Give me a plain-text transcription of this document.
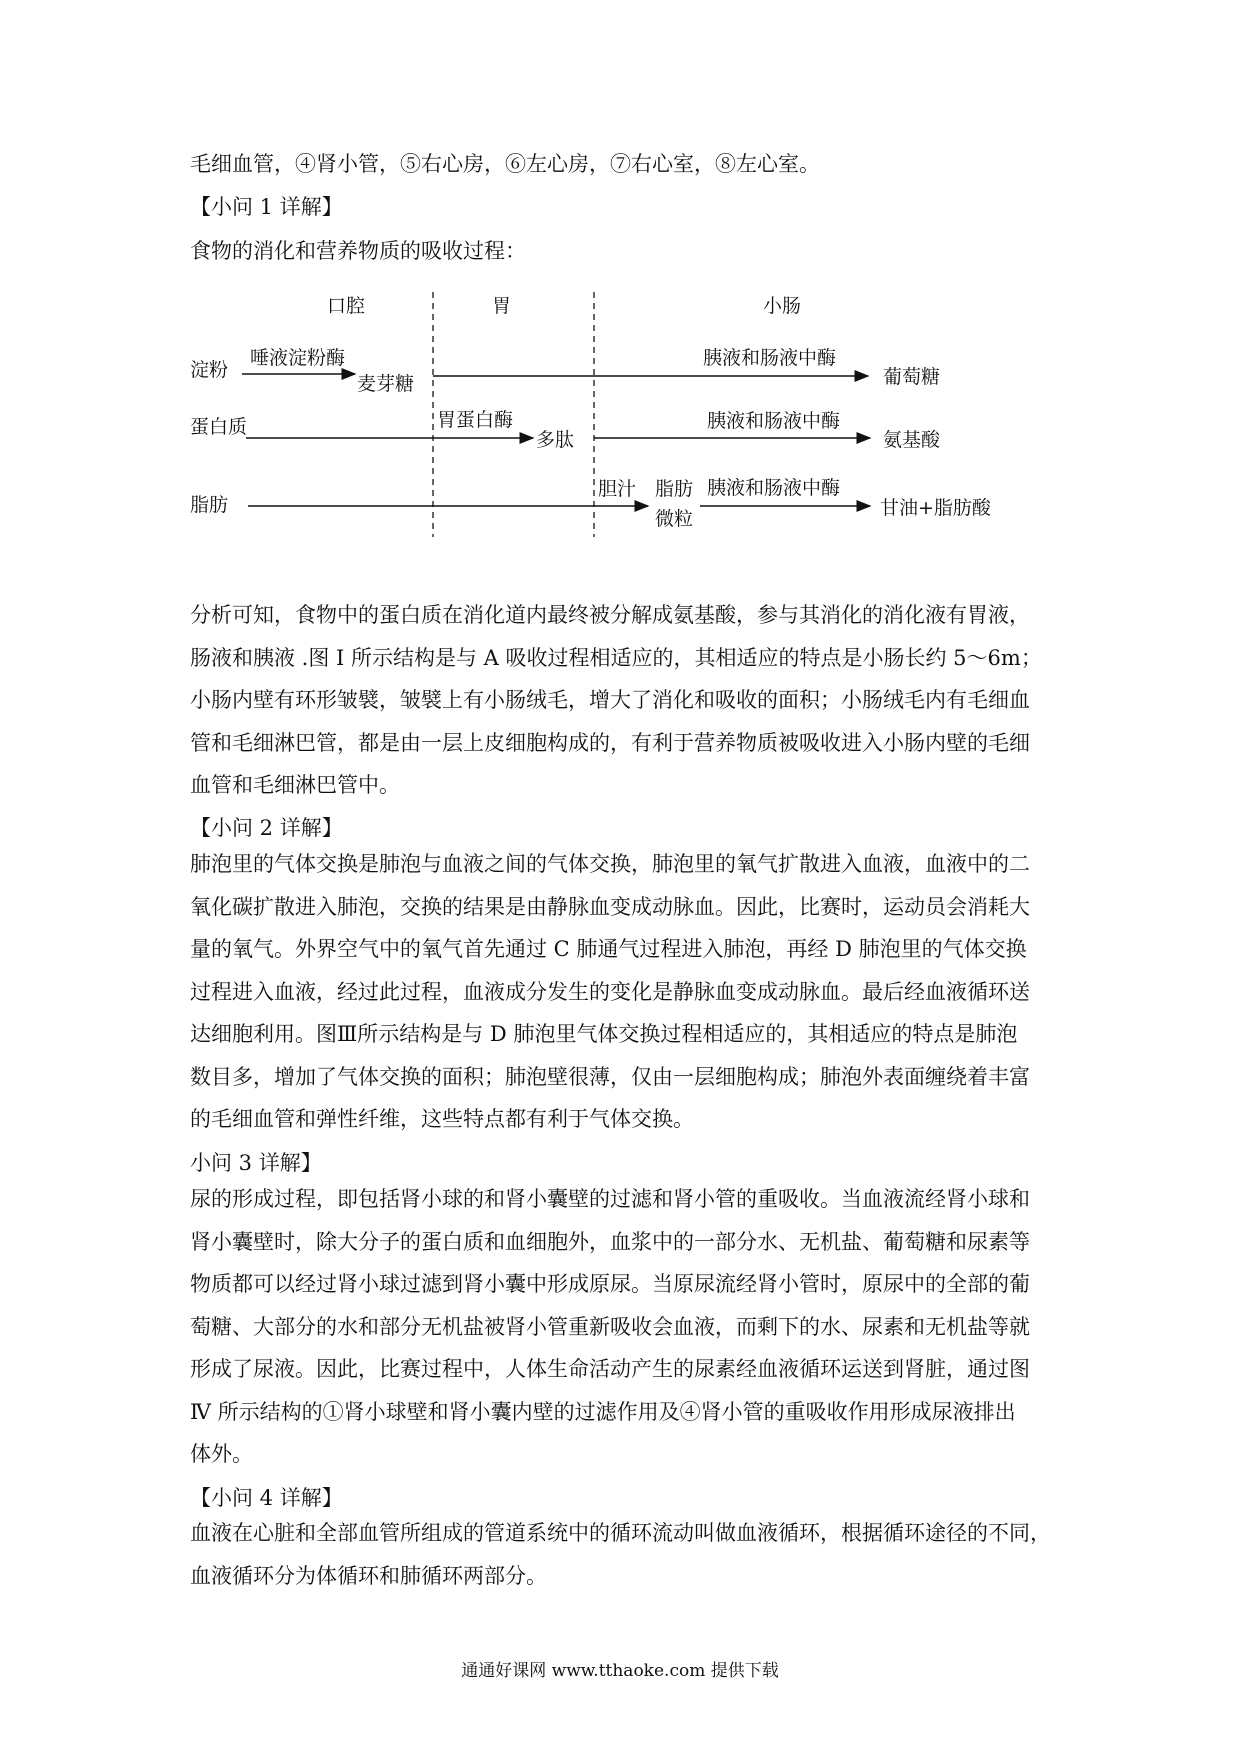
毛细血管，④肾小管，⑤右心房，⑥左心房，⑦右心室，⑧左心室。
【小问 1 详解】
食物的消化和营养物质的吸收过程：
口腔	胃	小肠
淀粉
唾液淀粉酶
麦芽糖
胰液和肠液中酶
葡萄糖
蛋白质	胃蛋白酶
多肽
胰液和肠液中酶
氨基酸
脂肪
胆汁 脂肪
微粒
胰液和肠液中酶
甘油+脂肪酸
分析可知，食物中的蛋白质在消化道内最终被分解成氨基酸，参与其消化的消化液有胃液，
肠液和胰液 .图 I 所示结构是与 A 吸收过程相适应的，其相适应的特点是小肠长约 5～6m；
小肠内壁有环形皱襞，皱襞上有小肠绒毛，增大了消化和吸收的面积；小肠绒毛内有毛细血
管和毛细淋巴管，都是由一层上皮细胞构成的，有利于营养物质被吸收进入小肠内壁的毛细
血管和毛细淋巴管中。
【小问 2 详解】
肺泡里的气体交换是肺泡与血液之间的气体交换，肺泡里的氧气扩散进入血液，血液中的二
氧化碳扩散进入肺泡，交换的结果是由静脉血变成动脉血。因此，比赛时，运动员会消耗大
量的氧气。外界空气中的氧气首先通过 C 肺通气过程进入肺泡，再经 D 肺泡里的气体交换
过程进入血液，经过此过程，血液成分发生的变化是静脉血变成动脉血。最后经血液循环送
达细胞利用。图Ⅲ所示结构是与 D 肺泡里气体交换过程相适应的，其相适应的特点是肺泡
数目多，增加了气体交换的面积；肺泡壁很薄，仅由一层细胞构成；肺泡外表面缠绕着丰富
的毛细血管和弹性纤维，这些特点都有利于气体交换。
小问 3 详解】
尿的形成过程，即包括肾小球的和肾小囊壁的过滤和肾小管的重吸收。当血液流经肾小球和
肾小囊壁时，除大分子的蛋白质和血细胞外，血浆中的一部分水、无机盐、葡萄糖和尿素等
物质都可以经过肾小球过滤到肾小囊中形成原尿。当原尿流经肾小管时，原尿中的全部的葡
萄糖、大部分的水和部分无机盐被肾小管重新吸收会血液，而剩下的水、尿素和无机盐等就
形成了尿液。因此，比赛过程中，人体生命活动产生的尿素经血液循环运送到肾脏，通过图
Ⅳ 所示结构的①肾小球壁和肾小囊内壁的过滤作用及④肾小管的重吸收作用形成尿液排出
体外。
【小问 4 详解】
血液在心脏和全部血管所组成的管道系统中的循环流动叫做血液循环，根据循环途径的不同，
血液循环分为体循环和肺循环两部分。
通通好课网 www.tthaoke.com 提供下载
